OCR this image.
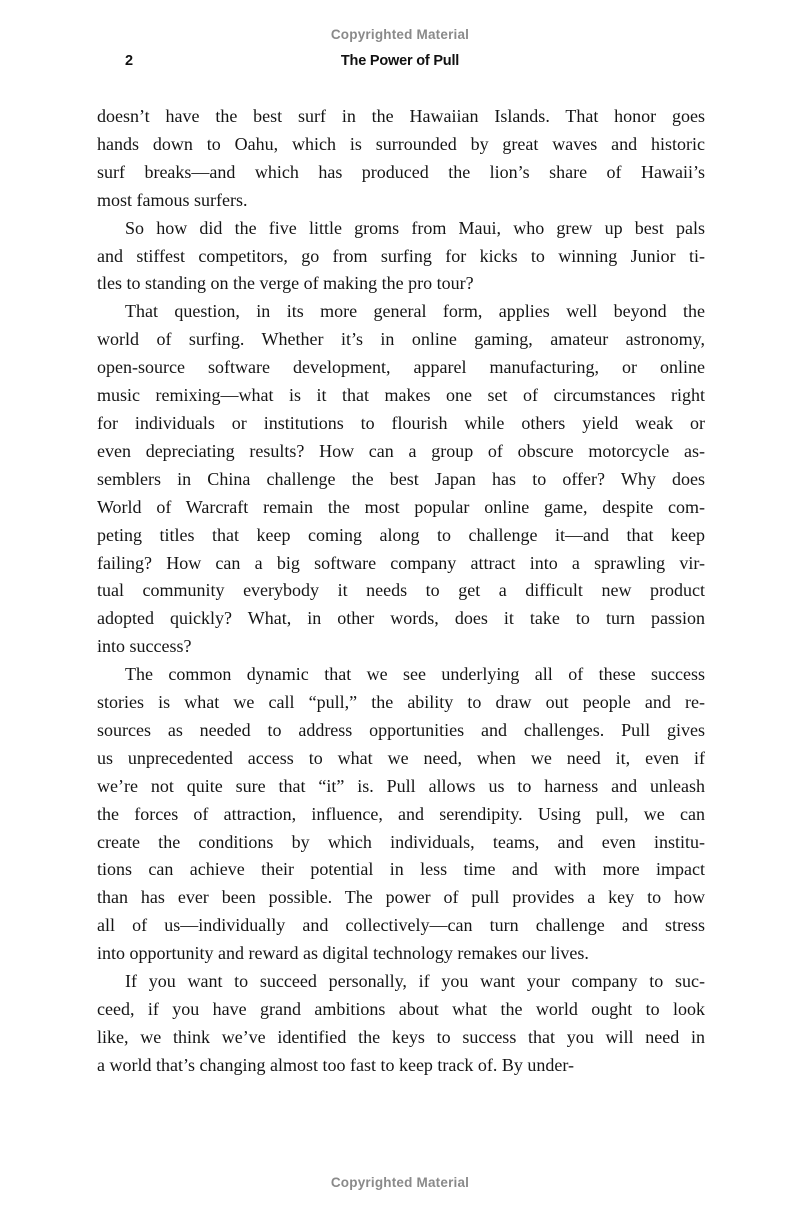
Copyrighted Material
2	The Power of Pull
doesn’t have the best surf in the Hawaiian Islands. That honor goes
hands down to Oahu, which is surrounded by great waves and historic
surf breaks—and which has produced the lion’s share of Hawaii’s
most famous surfers.
So how did the five little groms from Maui, who grew up best pals
and stiffest competitors, go from surfing for kicks to winning Junior ti-
tles to standing on the verge of making the pro tour?
That question, in its more general form, applies well beyond the
world of surfing. Whether it’s in online gaming, amateur astronomy,
open-source software development, apparel manufacturing, or online
music remixing—what is it that makes one set of circumstances right
for individuals or institutions to flourish while others yield weak or
even depreciating results? How can a group of obscure motorcycle as-
semblers in China challenge the best Japan has to offer? Why does
World of Warcraft remain the most popular online game, despite com-
peting titles that keep coming along to challenge it—and that keep
failing? How can a big software company attract into a sprawling vir-
tual community everybody it needs to get a difficult new product
adopted quickly? What, in other words, does it take to turn passion
into success?
The common dynamic that we see underlying all of these success
stories is what we call “pull,” the ability to draw out people and re-
sources as needed to address opportunities and challenges. Pull gives
us unprecedented access to what we need, when we need it, even if
we’re not quite sure that “it” is. Pull allows us to harness and unleash
the forces of attraction, influence, and serendipity. Using pull, we can
create the conditions by which individuals, teams, and even institu-
tions can achieve their potential in less time and with more impact
than has ever been possible. The power of pull provides a key to how
all of us—individually and collectively—can turn challenge and stress
into opportunity and reward as digital technology remakes our lives.
If you want to succeed personally, if you want your company to suc-
ceed, if you have grand ambitions about what the world ought to look
like, we think we’ve identified the keys to success that you will need in
a world that’s changing almost too fast to keep track of. By under-
Copyrighted Material
